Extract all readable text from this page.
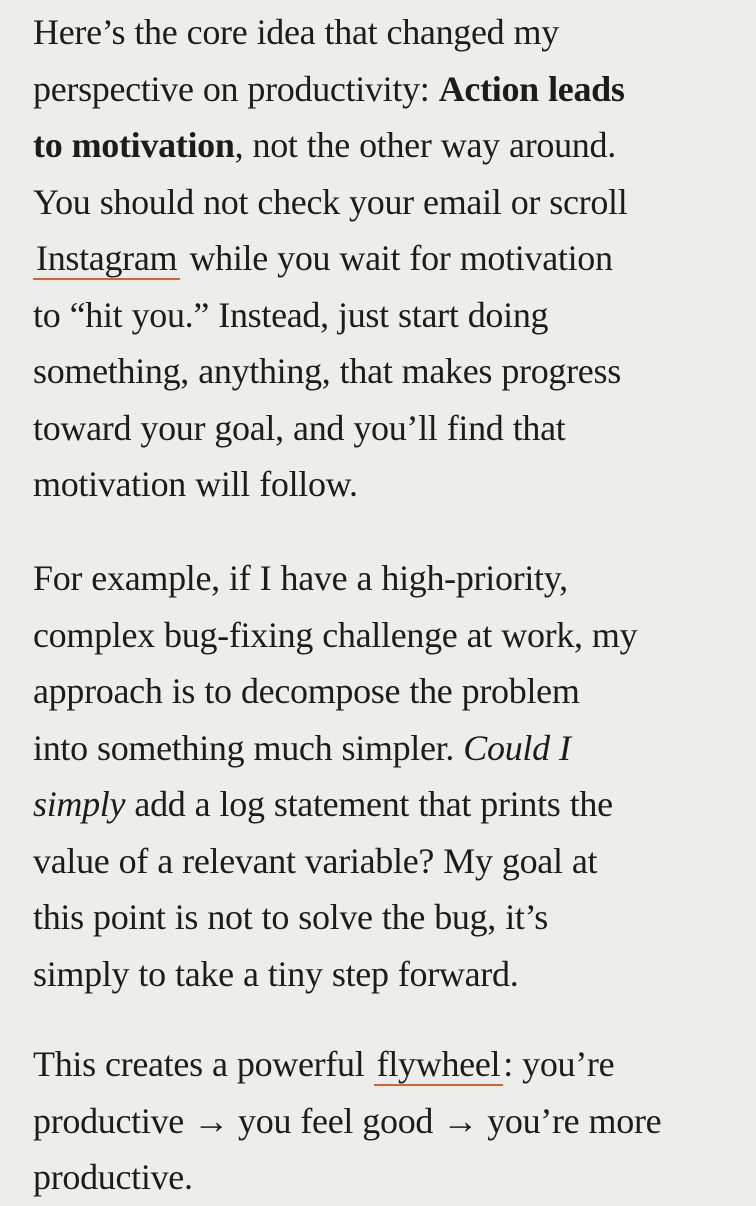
Here’s the core idea that changed my
perspective on productivity: Action leads
to motivation, not the other way around.
You should not check your email or scroll
Instagram while you wait for motivation
to “hit you.” Instead, just start doing
something, anything, that makes progress
toward your goal, and you’ll find that
motivation will follow.

For example, if I have a high-priority,
complex bug-fixing challenge at work, my
approach is to decompose the problem
into something much simpler. Could I
simply add a log statement that prints the
value of a relevant variable? My goal at
this point is not to solve the bug, it’s
simply to take a tiny step forward.

This creates a powerful flywheel: you’re
productive → you feel good → you’re more
productive.
